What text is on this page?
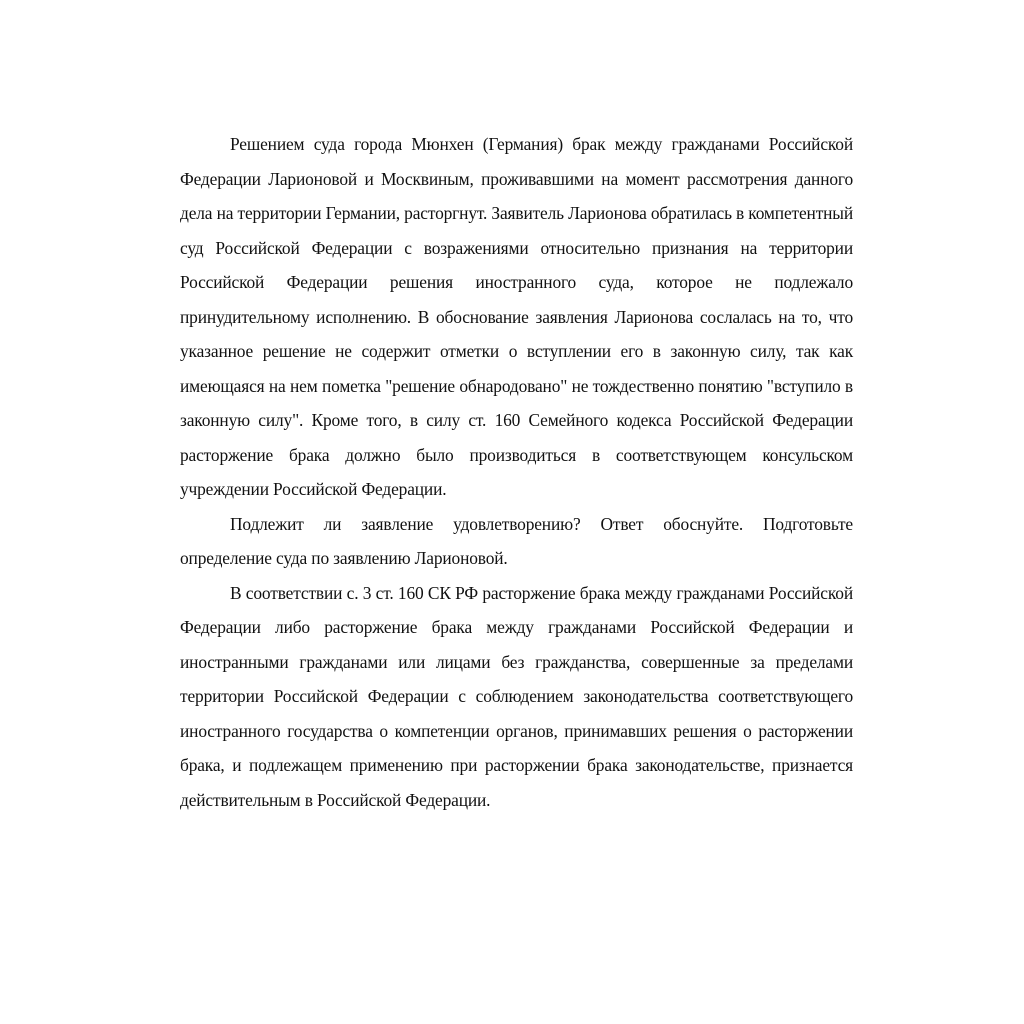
Решением суда города Мюнхен (Германия) брак между гражданами Российской Федерации Ларионовой и Москвиным, проживавшими на момент рассмотрения данного дела на территории Германии, расторгнут. Заявитель Ларионова обратилась в компетентный суд Российской Федерации с возражениями относительно признания на территории Российской Федерации решения иностранного суда, которое не подлежало принудительному исполнению. В обоснование заявления Ларионова сослалась на то, что указанное решение не содержит отметки о вступлении его в законную силу, так как имеющаяся на нем пометка "решение обнародовано" не тождественно понятию "вступило в законную силу". Кроме того, в силу ст. 160 Семейного кодекса Российской Федерации расторжение брака должно было производиться в соответствующем консульском учреждении Российской Федерации.

Подлежит ли заявление удовлетворению? Ответ обоснуйте. Подготовьте определение суда по заявлению Ларионовой.

В соответствии с. 3 ст. 160 СК РФ расторжение брака между гражданами Российской Федерации либо расторжение брака между гражданами Российской Федерации и иностранными гражданами или лицами без гражданства, совершенные за пределами территории Российской Федерации с соблюдением законодательства соответствующего иностранного государства о компетенции органов, принимавших решения о расторжении брака, и подлежащем применению при расторжении брака законодательстве, признается действительным в Российской Федерации.
